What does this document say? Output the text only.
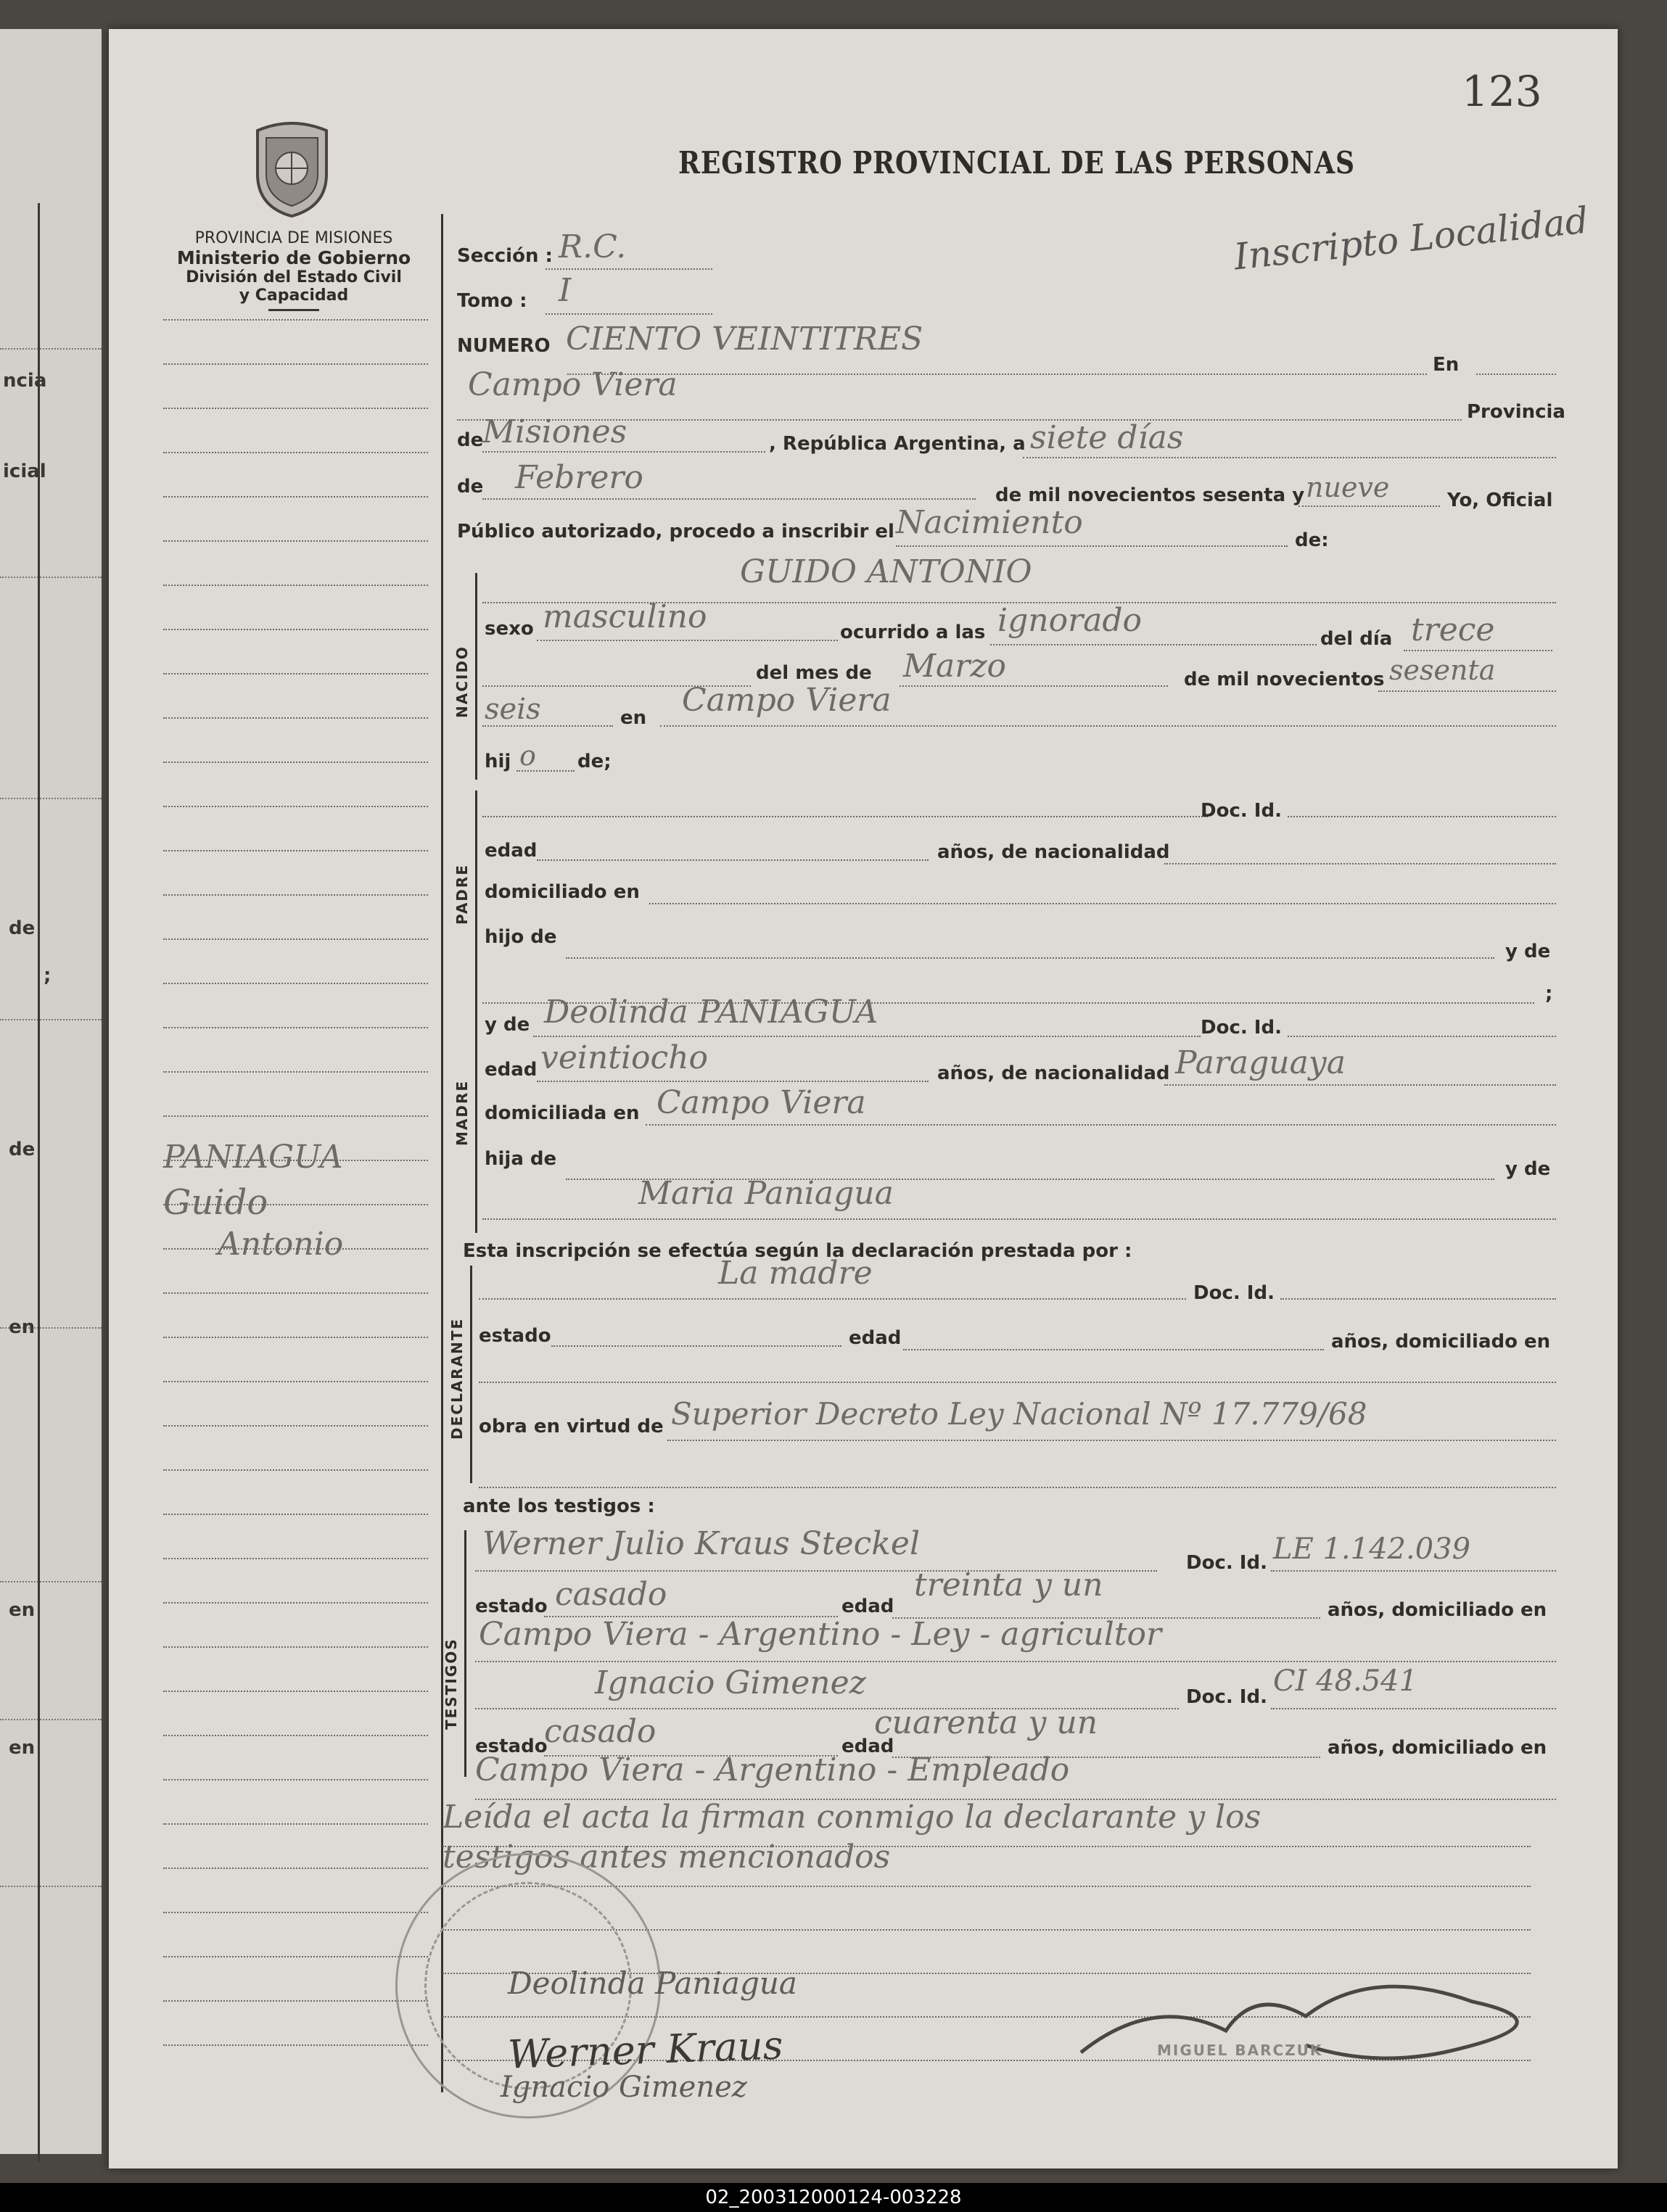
ncia
icial
de
;
de
en
en
en
123
PROVINCIA DE MISIONES
Ministerio de Gobierno
División del Estado Civil
y Capacidad
REGISTRO PROVINCIAL DE LAS PERSONAS
Inscripto Localidad
PANIAGUA
Guido
Antonio
Sección : R.C.
Tomo : I
NUMERO CIENTO VEINTITRES
En
Campo Viera
Provincia
de
Misiones	, República Argentina, a siete días
de Febrero	de mil novecientos sesenta y nueve	Yo, Oficial
Público autorizado, procedo a inscribir el Nacimiento	de:
NACIDO
GUIDO ANTONIO
sexo masculino	ocurrido a las ignorado	del día trece
del mes de Marzo	de mil novecientos sesenta
seis	en Campo Viera
hij o de;
PADRE
Doc. Id.
edad	años, de nacionalidad
domiciliado en
hijo de
y de
;
MADRE
y de Deolinda PANIAGUA	Doc. Id.
edad veintiocho	años, de nacionalidad Paraguaya
domiciliada en Campo Viera
hija de	y de
Maria Paniagua
Esta inscripción se efectúa según la declaración prestada por :
DECLARANTE
La madre
Doc. Id.
estado	edad	años, domiciliado en
obra en virtud de Superior Decreto Ley Nacional Nº 17.779/68
ante los testigos :
TESTIGOS
Werner Julio Kraus Steckel
Doc. Id. LE 1.142.039
estado casado	edad
treinta y un
años, domiciliado en
Campo Viera - Argentino - Ley - agricultor
Ignacio Gimenez	Doc. Id. CI 48.541
estado
casado	edad
cuarenta y un
años, domiciliado en
Campo Viera - Argentino - Empleado
Leída el acta la firman conmigo la declarante y los
testigos antes mencionados
Deolinda Paniagua
Werner Kraus
Ignacio Gimenez
MIGUEL BARCZUK
02_200312000124-003228
